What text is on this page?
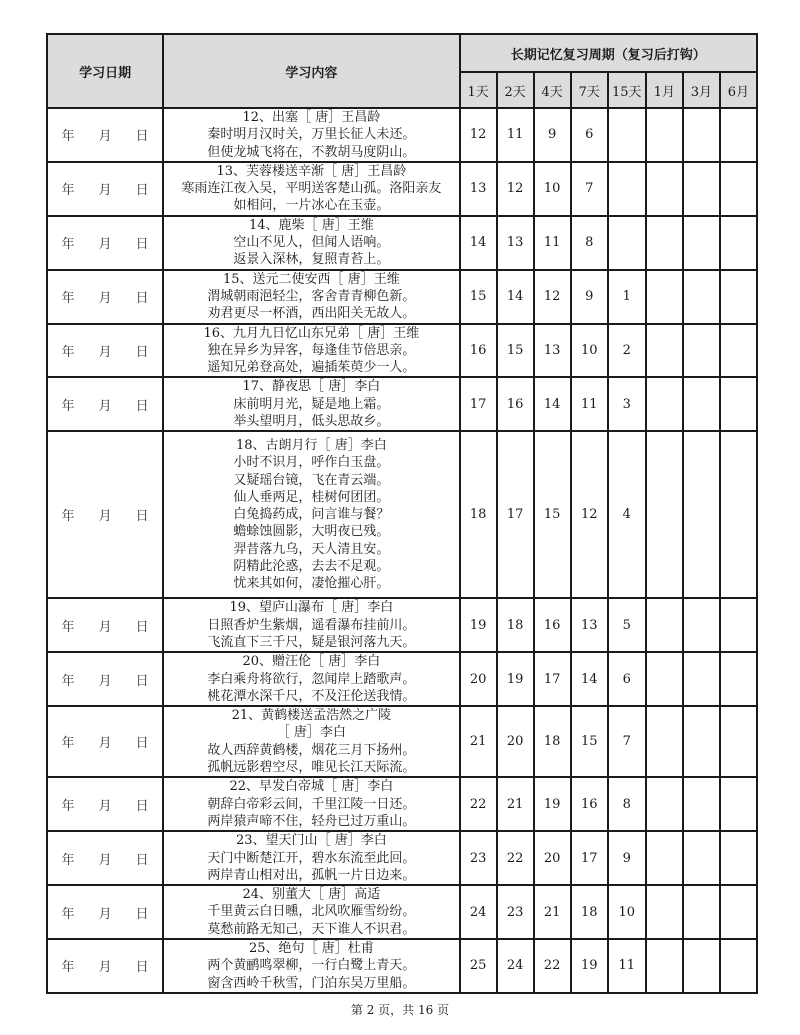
学习日期	学习内容	长期记忆复习周期（复习后打钩）							
		1天	2天	4天	7天	15天	1月	3月	6月
年 月 日	12、出塞［ 唐］王昌龄
秦时明月汉时关，万里长征人未还。
但使龙城飞将在，不教胡马度阴山。	12	11	9	6				
年 月 日	13、芙蓉楼送辛渐［ 唐］王昌龄
寒雨连江夜入吴，平明送客楚山孤。洛阳亲友
如相问，一片冰心在玉壶。	13	12	10	7				
年 月 日	14、鹿柴［ 唐］王维
空山不见人，但闻人语响。
返景入深林，复照青苔上。	14	13	11	8				
年 月 日	15、送元二使安西［ 唐］王维
渭城朝雨浥轻尘，客舍青青柳色新。
劝君更尽一杯酒，西出阳关无故人。	15	14	12	9	1			
年 月 日	16、九月九日忆山东兄弟［ 唐］王维
独在异乡为异客，每逢佳节倍思亲。
遥知兄弟登高处，遍插茱萸少一人。	16	15	13	10	2			
年 月 日	17、静夜思［ 唐］李白
床前明月光，疑是地上霜。
举头望明月，低头思故乡。	17	16	14	11	3			
年 月 日	
18、古朗月行［ 唐］李白
小时不识月，呼作白玉盘。
又疑瑶台镜，飞在青云端。
仙人垂两足，桂树何团团。
白兔捣药成，问言谁与餐？
蟾蜍蚀圆影，大明夜已残。
羿昔落九乌，天人清且安。
阴精此沦惑，去去不足观。
忧来其如何，凄怆摧心肝。
	18	17	15	12	4			
年 月 日	19、望庐山瀑布［ 唐］李白
日照香炉生紫烟，遥看瀑布挂前川。
飞流直下三千尺，疑是银河落九天。	19	18	16	13	5			
年 月 日	20、赠汪伦［ 唐］李白
李白乘舟将欲行，忽闻岸上踏歌声。
桃花潭水深千尺，不及汪伦送我情。	20	19	17	14	6			
年 月 日	21、黄鹤楼送孟浩然之广陵
［ 唐］李白
故人西辞黄鹤楼，烟花三月下扬州。
孤帆远影碧空尽，唯见长江天际流。	21	20	18	15	7			
年 月 日	22、早发白帝城［ 唐］李白
朝辞白帝彩云间，千里江陵一日还。
两岸猿声啼不住，轻舟已过万重山。	22	21	19	16	8			
年 月 日	23、望天门山［ 唐］李白
天门中断楚江开，碧水东流至此回。
两岸青山相对出，孤帆一片日边来。	23	22	20	17	9			
年 月 日	24、别董大［ 唐］高适
千里黄云白日曛，北风吹雁雪纷纷。
莫愁前路无知己，天下谁人不识君。	24	23	21	18	10			
年 月 日	25、绝句［ 唐］杜甫
两个黄鹂鸣翠柳，一行白鹭上青天。
窗含西岭千秋雪，门泊东吴万里船。	25	24	22	19	11			
第 2 页，共 16 页
